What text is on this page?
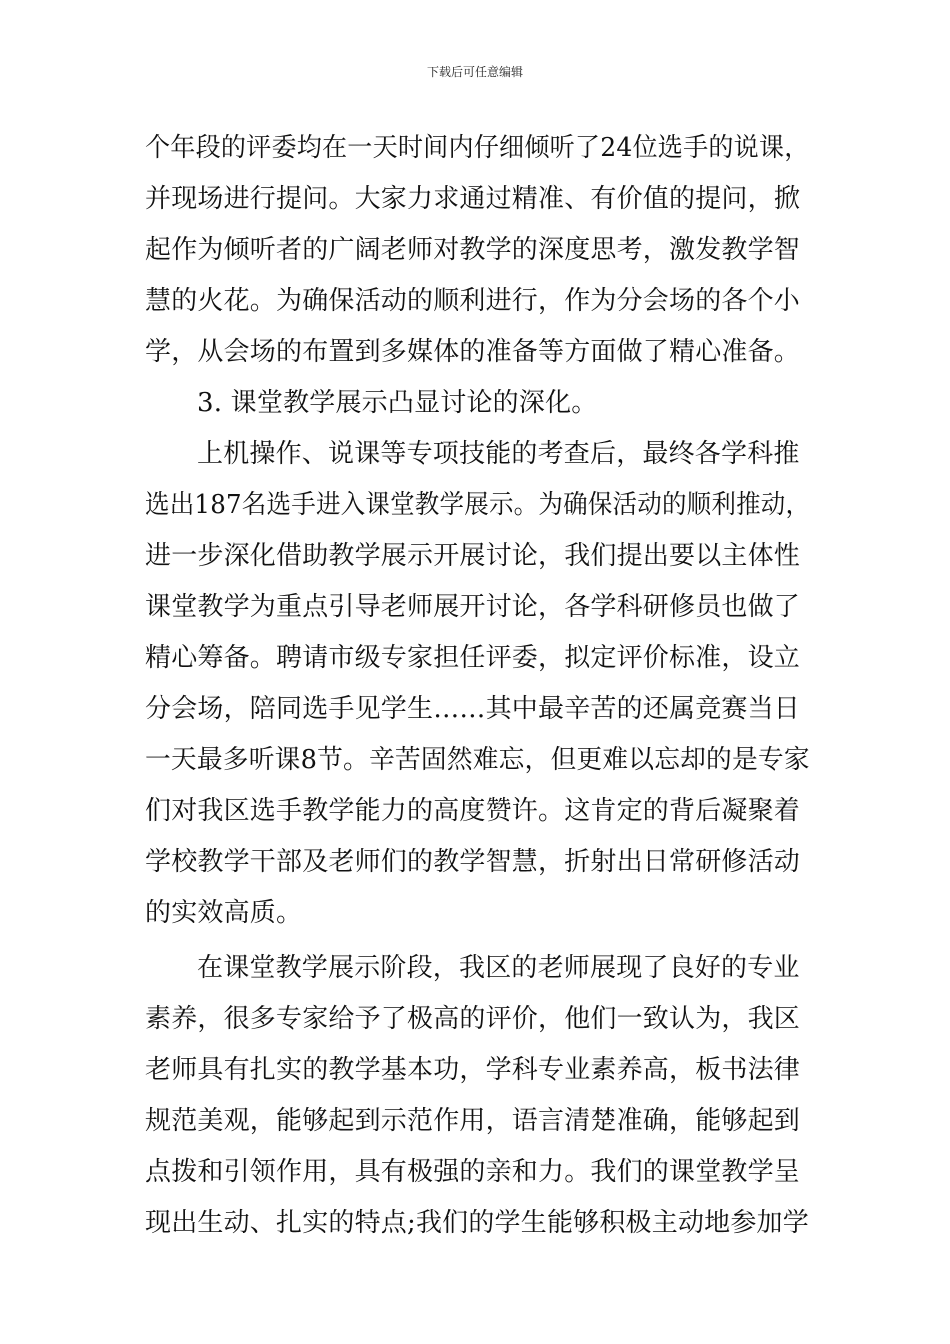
下载后可任意编辑
个年段的评委均在一天时间内仔细倾听了24位选手的说课，
并现场进行提问。大家力求通过精准、有价值的提问，掀
起作为倾听者的广阔老师对教学的深度思考，激发教学智
慧的火花。为确保活动的顺利进行，作为分会场的各个小
学，从会场的布置到多媒体的准备等方面做了精心准备。
3. 课堂教学展示凸显讨论的深化。
上机操作、说课等专项技能的考查后，最终各学科推
选出187名选手进入课堂教学展示。为确保活动的顺利推动，
进一步深化借助教学展示开展讨论，我们提出要以主体性
课堂教学为重点引导老师展开讨论，各学科研修员也做了
精心筹备。聘请市级专家担任评委，拟定评价标准，设立
分会场，陪同选手见学生……其中最辛苦的还属竞赛当日
一天最多听课8节。辛苦固然难忘，但更难以忘却的是专家
们对我区选手教学能力的高度赞许。这肯定的背后凝聚着
学校教学干部及老师们的教学智慧，折射出日常研修活动
的实效高质。
在课堂教学展示阶段，我区的老师展现了良好的专业
素养，很多专家给予了极高的评价，他们一致认为，我区
老师具有扎实的教学基本功，学科专业素养高，板书法律
规范美观，能够起到示范作用，语言清楚准确，能够起到
点拨和引领作用，具有极强的亲和力。我们的课堂教学呈
现出生动、扎实的特点;我们的学生能够积极主动地参加学
